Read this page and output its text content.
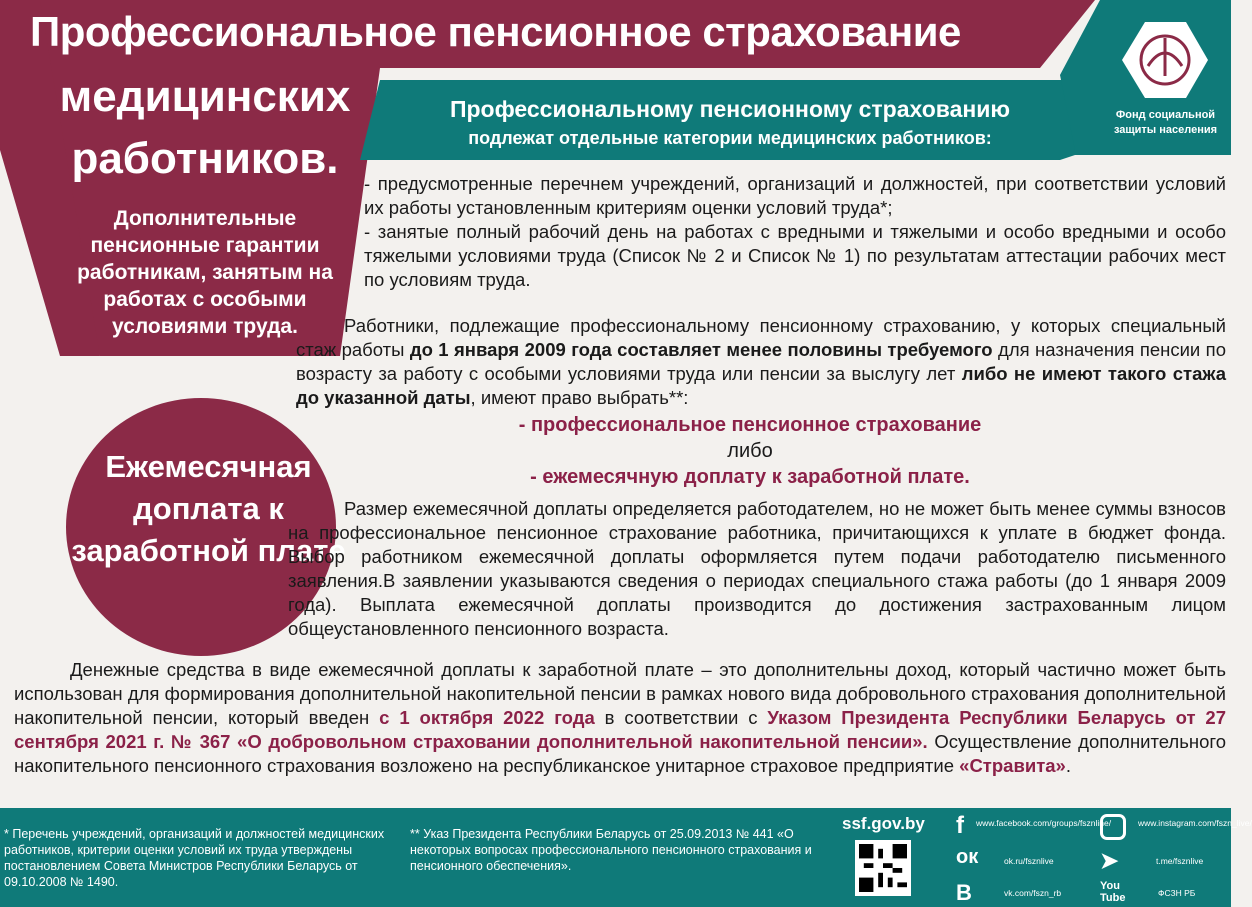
Профессиональное пенсионное страхование
медицинских
работников.
Дополнительные пенсионные гарантии работникам, занятым на работах с особыми условиями труда.
Профессиональному пенсионному страхованию
подлежат отдельные категории медицинских работников:
Фонд социальной защиты населения
- предусмотренные перечнем учреждений, организаций и должностей, при соответствии условий их работы установленным критериям оценки условий труда*;
- занятые полный рабочий день на работах с вредными и тяжелыми и особо вредными и особо тяжелыми условиями труда (Список № 2 и Список № 1) по результатам аттестации рабочих мест по условиям труда.
Работники, подлежащие профессиональному пенсионному страхованию, у которых специальный стаж работы до 1 января 2009 года составляет менее половины требуемого для назначения пенсии по возрасту за работу с особыми условиями труда или пенсии за выслугу лет либо не имеют такого стажа до указанной даты, имеют право выбрать**:
- профессиональное пенсионное страхование
либо
- ежемесячную доплату к заработной плате.
Ежемесячная доплата к заработной плате
Размер ежемесячной доплаты определяется работодателем, но не может быть менее суммы взносов на профессиональное пенсионное страхование работника, причитающихся к уплате в бюджет фонда. Выбор работником ежемесячной доплаты оформляется путем подачи работодателю письменного заявления.В заявлении указываются сведения о периодах специального стажа работы (до 1 января 2009 года). Выплата ежемесячной доплаты производится до достижения застрахованным лицом общеустановленного пенсионного возраста.
Денежные средства в виде ежемесячной доплаты к заработной плате – это дополнительны доход, который частично может быть использован для формирования дополнительной накопительной пенсии в рамках нового вида добровольного страхования дополнительной накопительной пенсии, который введен с 1 октября 2022 года в соответствии с Указом Президента Республики Беларусь от 27 сентября 2021 г. № 367 «О добровольном страховании дополнительной накопительной пенсии». Осуществление дополнительного накопительного пенсионного страхования возложено на республиканское унитарное страховое предприятие «Стравита».
* Перечень учреждений, организаций и должностей медицинских работников, критерии оценки условий их труда утверждены постановлением Совета Министров Республики Беларусь от 09.10.2008 № 1490.
** Указ Президента Республики Беларусь от 25.09.2013 № 441 «О некоторых вопросах профессионального пенсионного страхования и пенсионного обеспечения».
ssf.gov.by f www.facebook.com/groups/fsznline/
ок	ok.ru/fsznlive
В	vk.com/fszn_rb
www.instagram.com/fszn_live/
➤	t.me/fsznlive
You
Tube	ФСЗН РБ
